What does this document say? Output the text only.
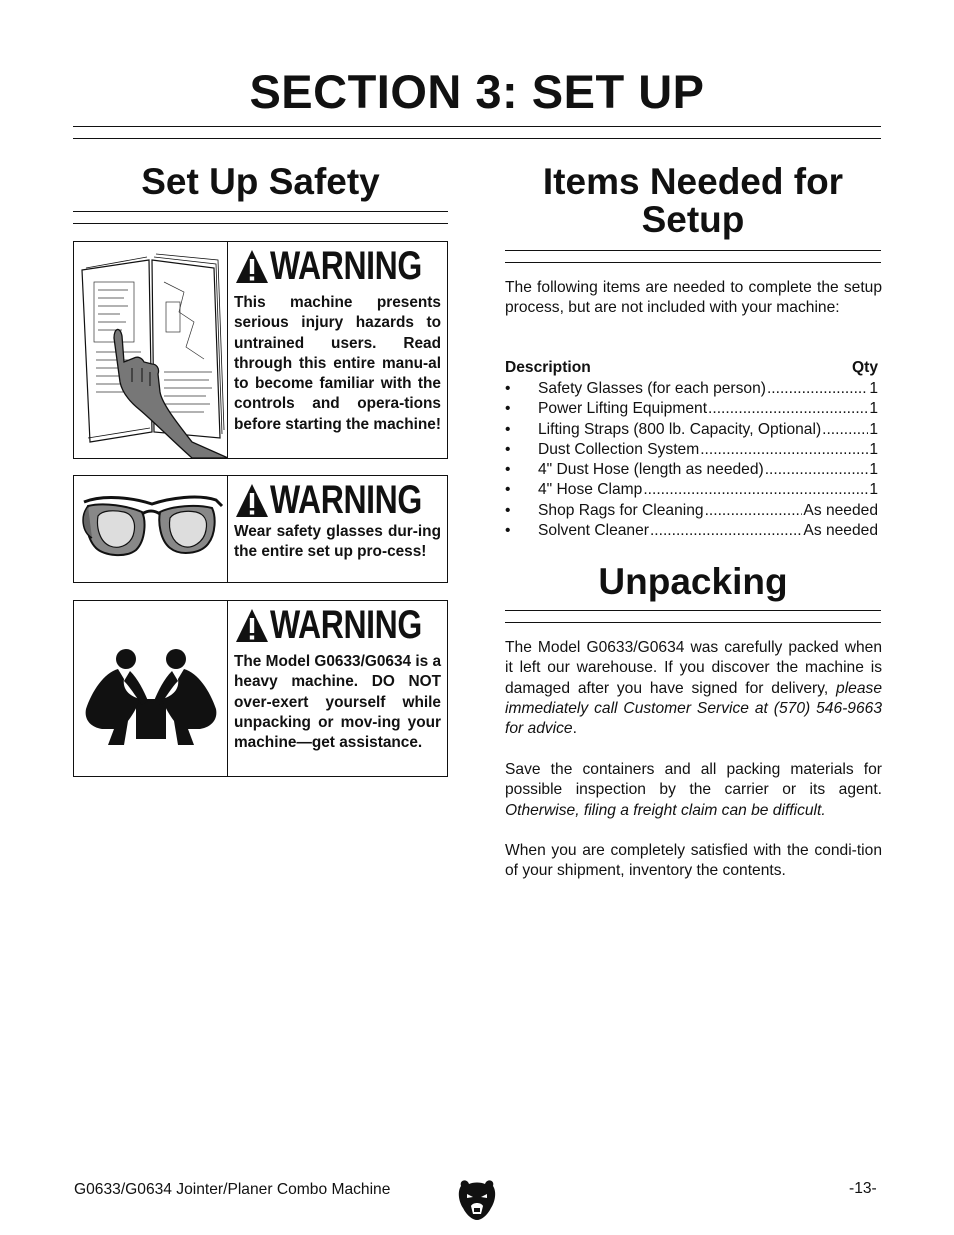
SECTION 3: SET UP
Set Up Safety
WARNING
This machine presents serious injury hazards to untrained users. Read through this entire manu-al to become familiar with the controls and opera-tions before starting the machine!
WARNING
Wear safety glasses dur-ing the entire set up pro-cess!
WARNING
The Model G0633/G0634 is a heavy machine. DO NOT over-exert yourself while unpacking or mov-ing your machine—get assistance.
Items Needed for
Setup
The following items are needed to complete the setup process, but are not included with your machine:
Description	Qty
• Safety Glasses (for each person) .....	1
• Power Lifting Equipment .....	1
• Lifting Straps (800 lb. Capacity, Optional) .....	1
• Dust Collection System .....	1
• 4" Dust Hose (length as needed) .....	1
• 4" Hose Clamp .....	1
• Shop Rags for Cleaning .....	As needed
• Solvent Cleaner .....	As needed
Unpacking
The Model G0633/G0634 was carefully packed when it left our warehouse. If you discover the machine is damaged after you have signed for delivery, please immediately call Customer Service at (570) 546-9663 for advice.
Save the containers and all packing materials for possible inspection by the carrier or its agent. Otherwise, filing a freight claim can be difficult.
When you are completely satisfied with the condi-tion of your shipment, inventory the contents.
G0633/G0634 Jointer/Planer Combo Machine	-13-
